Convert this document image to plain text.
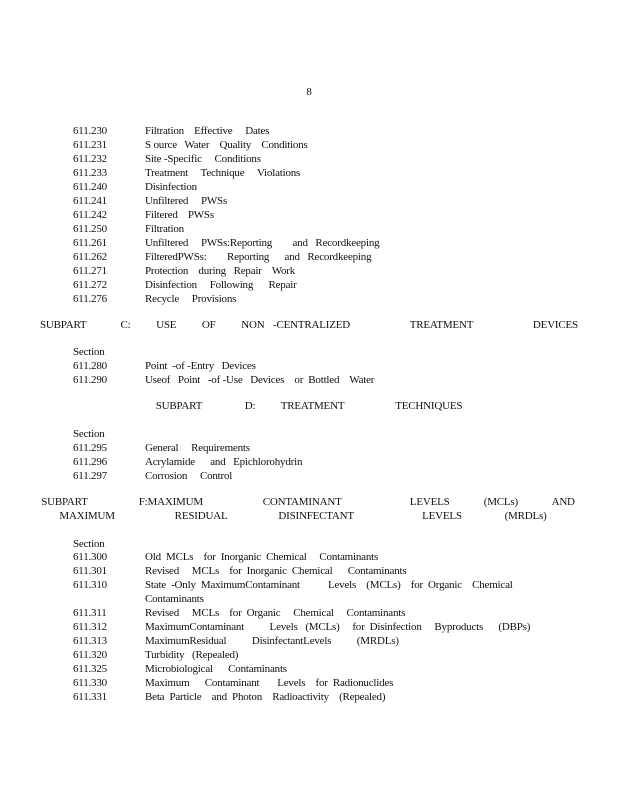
8
611.230	Filtration    Effective     Dates
611.231	S ource   Water    Quality    Conditions
611.232	Site -Specific     Conditions
611.233	Treatment     Technique     Violations
611.240	Disinfection
611.241	Unfiltered     PWSs
611.242	Filtered    PWSs
611.250	Filtration
611.261	Unfiltered     PWSs:Reporting        and   Recordkeeping
611.262	FilteredPWSs:        Reporting      and   Recordkeeping
611.271	Protection    during   Repair    Work
611.272	Disinfection     Following      Repair
611.276	Recycle     Provisions
SUBPART    C:   USE   OF   NON -CENTRALIZED       TREATMENT       DEVICES
Section
611.280	Point  -of -Entry   Devices
611.290	Useof   Point   -of -Use   Devices    or  Bottled    Water
SUBPART     D:   TREATMENT      TECHNIQUES
Section
611.295	General     Requirements
611.296	Acrylamide      and   Epichlorohydrin
611.297	Corrosion     Control
SUBPART      F:MAXIMUM       CONTAMINANT        LEVELS    (MCLs)    AND
MAXIMUM       RESIDUAL      DISINFECTANT        LEVELS     (MRDLs)
Section
611.300	Old  MCLs    for  Inorganic  Chemical     Contaminants
611.301	Revised     MCLs    for  Inorganic  Chemical      Contaminants
611.310	State  -Only  MaximumContaminant           Levels    (MCLs)    for  Organic    Chemical
Contaminants
611.311	Revised     MCLs    for  Organic     Chemical     Contaminants
611.312	MaximumContaminant          Levels   (MCLs)     for  Disinfection     Byproducts      (DBPs)
611.313	MaximumResidual          DisinfectantLevels          (MRDLs)
611.320	Turbidity   (Repealed)
611.325	Microbiological      Contaminants
611.330	Maximum      Contaminant       Levels    for  Radionuclides
611.331	Beta  Particle    and  Photon    Radioactivity    (Repealed)
